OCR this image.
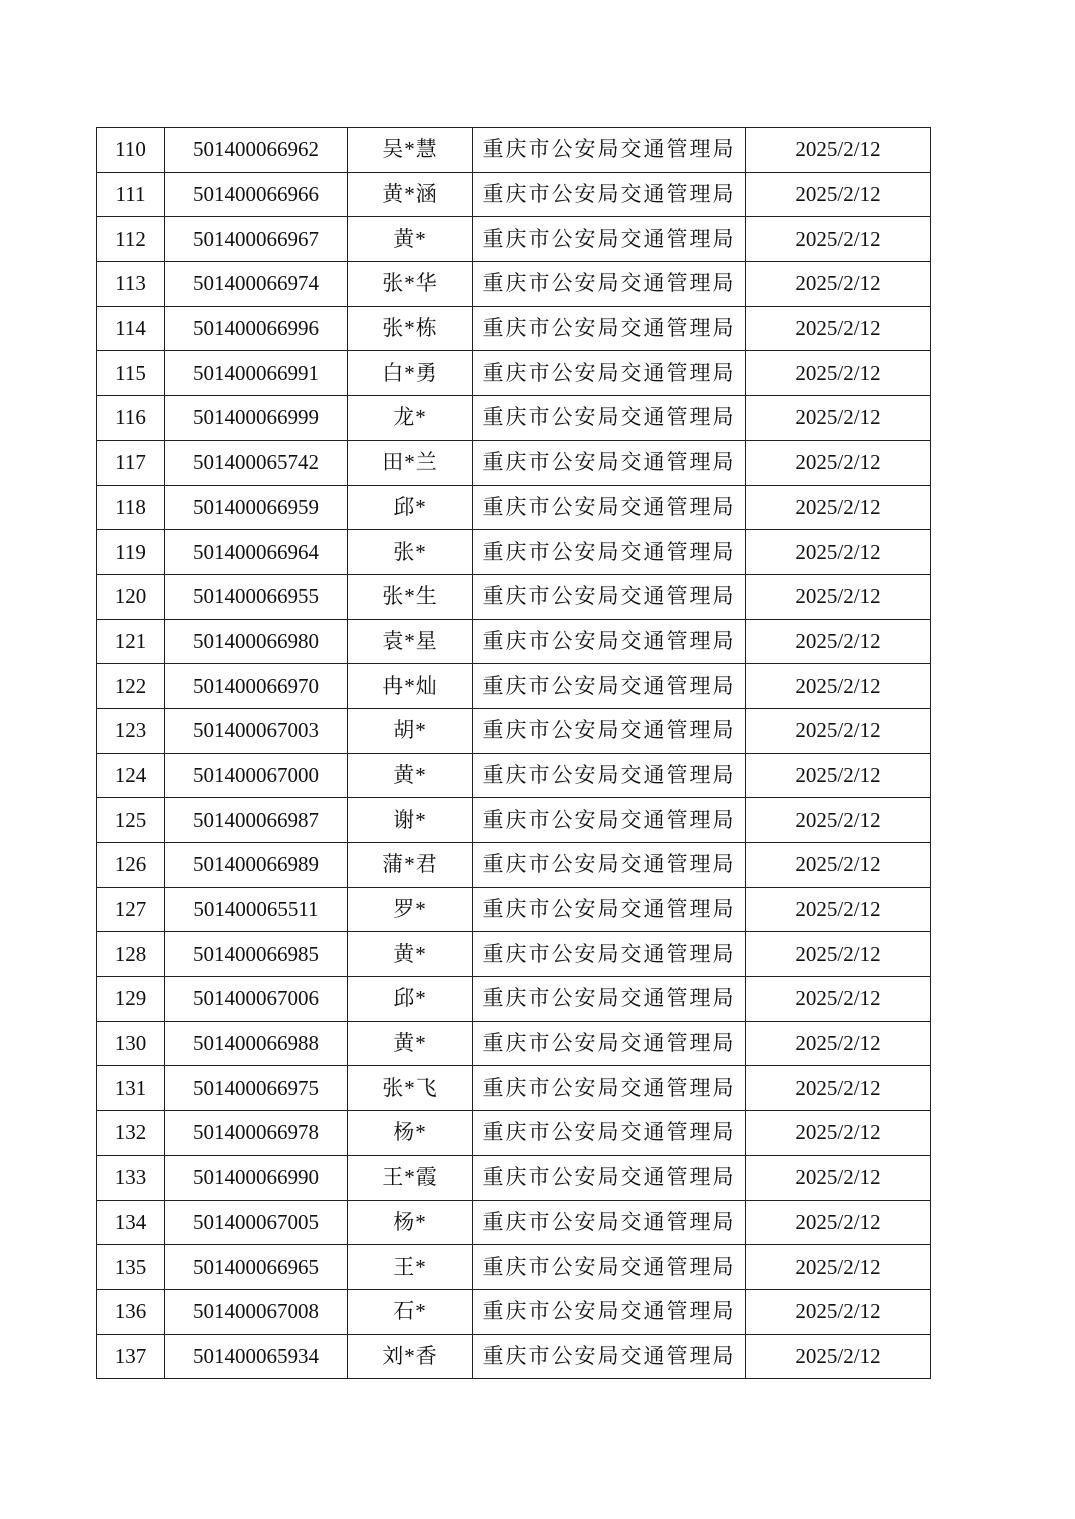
110	501400066962	吴*慧	重庆市公安局交通管理局	2025/2/12
111	501400066966	黄*涵	重庆市公安局交通管理局	2025/2/12
112	501400066967	黄*	重庆市公安局交通管理局	2025/2/12
113	501400066974	张*华	重庆市公安局交通管理局	2025/2/12
114	501400066996	张*栋	重庆市公安局交通管理局	2025/2/12
115	501400066991	白*勇	重庆市公安局交通管理局	2025/2/12
116	501400066999	龙*	重庆市公安局交通管理局	2025/2/12
117	501400065742	田*兰	重庆市公安局交通管理局	2025/2/12
118	501400066959	邱*	重庆市公安局交通管理局	2025/2/12
119	501400066964	张*	重庆市公安局交通管理局	2025/2/12
120	501400066955	张*生	重庆市公安局交通管理局	2025/2/12
121	501400066980	袁*星	重庆市公安局交通管理局	2025/2/12
122	501400066970	冉*灿	重庆市公安局交通管理局	2025/2/12
123	501400067003	胡*	重庆市公安局交通管理局	2025/2/12
124	501400067000	黄*	重庆市公安局交通管理局	2025/2/12
125	501400066987	谢*	重庆市公安局交通管理局	2025/2/12
126	501400066989	蒲*君	重庆市公安局交通管理局	2025/2/12
127	501400065511	罗*	重庆市公安局交通管理局	2025/2/12
128	501400066985	黄*	重庆市公安局交通管理局	2025/2/12
129	501400067006	邱*	重庆市公安局交通管理局	2025/2/12
130	501400066988	黄*	重庆市公安局交通管理局	2025/2/12
131	501400066975	张*飞	重庆市公安局交通管理局	2025/2/12
132	501400066978	杨*	重庆市公安局交通管理局	2025/2/12
133	501400066990	王*霞	重庆市公安局交通管理局	2025/2/12
134	501400067005	杨*	重庆市公安局交通管理局	2025/2/12
135	501400066965	王*	重庆市公安局交通管理局	2025/2/12
136	501400067008	石*	重庆市公安局交通管理局	2025/2/12
137	501400065934	刘*香	重庆市公安局交通管理局	2025/2/12
